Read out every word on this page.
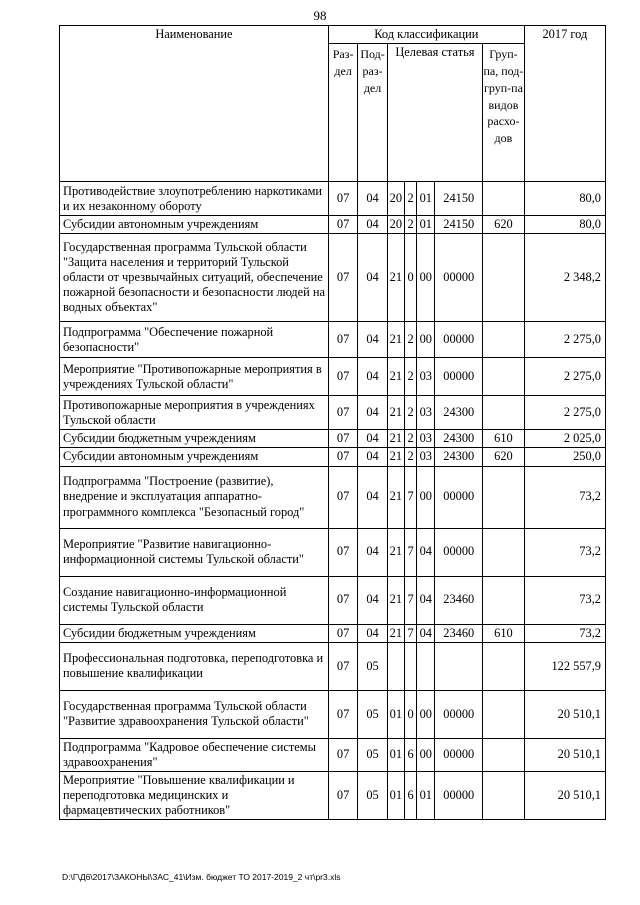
98
Наименование	Код классификации							2017 год
	Раз-дел	Под-раз-дел	Целевая статья				Груп-па, под-груп-па видов расхо-дов	
Противодействие злоупотреблению наркотиками и их незаконному обороту	07	04	20	2	01	24150		80,0
Субсидии автономным учреждениям	07	04	20	2	01	24150	620	80,0
Государственная программа Тульской области "Защита населения и территорий Тульской области от чрезвычайных ситуаций, обеспечение пожарной безопасности и безопасности людей на водных объектах"	07	04	21	0	00	00000		2 348,2
Подпрограмма "Обеспечение пожарной безопасности"	07	04	21	2	00	00000		2 275,0
Мероприятие "Противопожарные мероприятия в учреждениях Тульской области"	07	04	21	2	03	00000		2 275,0
Противопожарные мероприятия в учреждениях Тульской области	07	04	21	2	03	24300		2 275,0
Субсидии бюджетным учреждениям	07	04	21	2	03	24300	610	2 025,0
Субсидии автономным учреждениям	07	04	21	2	03	24300	620	250,0
Подпрограмма "Построение (развитие), внедрение и эксплуатация аппаратно-программного комплекса "Безопасный город"	07	04	21	7	00	00000		73,2
Мероприятие "Развитие навигационно-информационной системы Тульской области"	07	04	21	7	04	00000		73,2
Создание навигационно-информационной системы Тульской области	07	04	21	7	04	23460		73,2
Субсидии бюджетным учреждениям	07	04	21	7	04	23460	610	73,2
Профессиональная подготовка, переподготовка и повышение квалификации	07	05						122 557,9
Государственная программа Тульской области "Развитие здравоохранения Тульской области"	07	05	01	0	00	00000		20 510,1
Подпрограмма "Кадровое обеспечение системы здравоохранения"	07	05	01	6	00	00000		20 510,1
Мероприятие "Повышение квалификации и переподготовка медицинских и фармацевтических работников"	07	05	01	6	01	00000		20 510,1
D:\Г\Д6\2017\ЗАКОНЫ\ЗАС_41\Изм. бюджет ТО 2017-2019_2 чт\pr3.xls
